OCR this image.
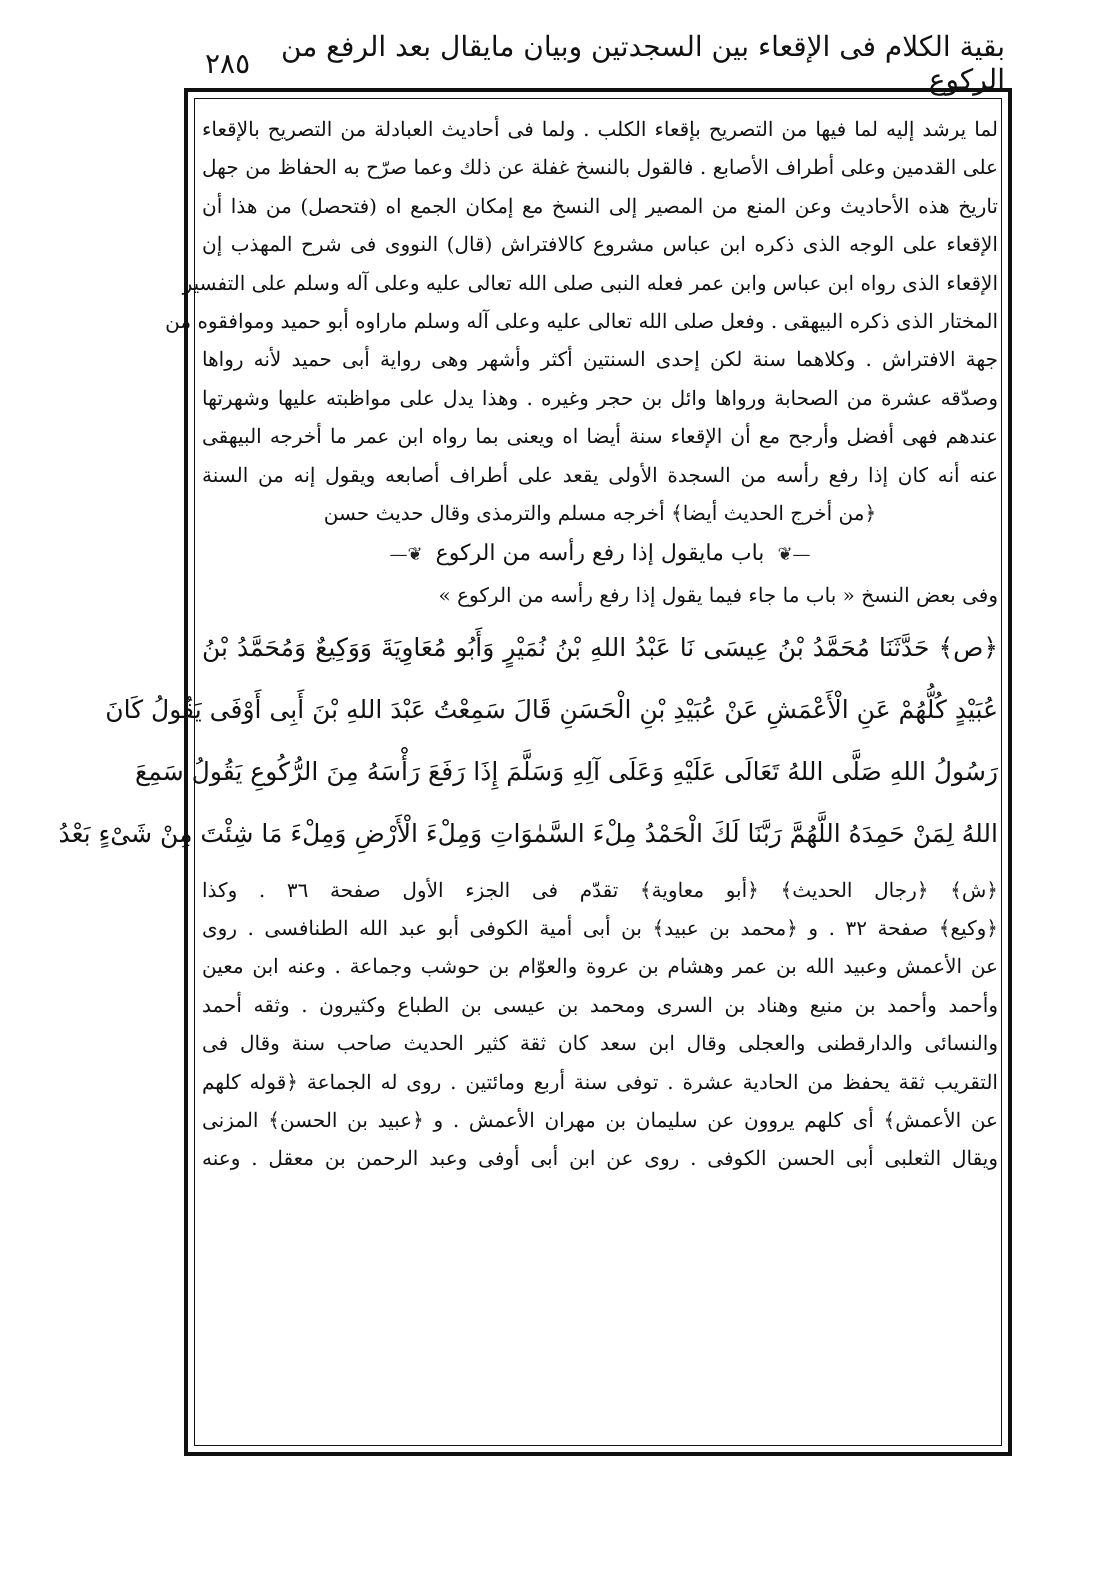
بقية الكلام فى الإقعاء بين السجدتين وبيان مايقال بعد الرفع من الركوع
٢٨٥
لما يرشد إليه لما فيها من التصريح بإقعاء الكلب . ولما فى أحاديث العبادلة من التصريح بالإقعاء
على القدمين وعلى أطراف الأصابع . فالقول بالنسخ غفلة عن ذلك وعما صرّح به الحفاظ من جهل
تاريخ هذه الأحاديث وعن المنع من المصير إلى النسخ مع إمكان الجمع اه (فتحصل) من هذا أن
الإقعاء على الوجه الذى ذكره ابن عباس مشروع كالافتراش (قال) النووى فى شرح المهذب إن
الإقعاء الذى رواه ابن عباس وابن عمر فعله النبى صلى الله تعالى عليه وعلى آله وسلم على التفسير
المختار الذى ذكره البيهقى . وفعل صلى الله تعالى عليه وعلى آله وسلم ماراوه أبو حميد وموافقوه من
جهة الافتراش . وكلاهما سنة لكن إحدى السنتين أكثر وأشهر وهى رواية أبى حميد لأنه رواها
وصدّقه عشرة من الصحابة ورواها وائل بن حجر وغيره . وهذا يدل على مواظبته عليها وشهرتها
عندهم فهى أفضل وأرجح مع أن الإقعاء سنة أيضا اه ويعنى بما رواه ابن عمر ما أخرجه البيهقى
عنه أنه كان إذا رفع رأسه من السجدة الأولى يقعد على أطراف أصابعه ويقول إنه من السنة
﴿من أخرج الحديث أيضا﴾ أخرجه مسلم والترمذى وقال حديث حسن
—❦ باب مايقول إذا رفع رأسه من الركوع ❦—
وفى بعض النسخ « باب ما جاء فيما يقول إذا رفع رأسه من الركوع »
﴿ص﴾ حَدَّثَنَا مُحَمَّدُ بْنُ عِيسَى نَا عَبْدُ اللهِ بْنُ نُمَيْرٍ وَأَبُو مُعَاوِيَةَ وَوَكِيعٌ وَمُحَمَّدُ بْنُ
عُبَيْدٍ كُلُّهُمْ عَنِ الْأَعْمَشِ عَنْ عُبَيْدِ بْنِ الْحَسَنِ قَالَ سَمِعْتُ عَبْدَ اللهِ بْنَ أَبِى أَوْفَى يَقُولُ كَانَ
رَسُولُ اللهِ صَلَّى اللهُ تَعَالَى عَلَيْهِ وَعَلَى آلِهِ وَسَلَّمَ إِذَا رَفَعَ رَأْسَهُ مِنَ الرُّكُوعِ يَقُولُ سَمِعَ
اللهُ لِمَنْ حَمِدَهُ اللَّهُمَّ رَبَّنَا لَكَ الْحَمْدُ مِلْءَ السَّمٰوَاتِ وَمِلْءَ الْأَرْضِ وَمِلْءَ مَا شِئْتَ مِنْ شَىْءٍ بَعْدُ
﴿ش﴾ ﴿رجال الحديث﴾ ﴿أبو معاوية﴾ تقدّم فى الجزء الأول صفحة ٣٦ . وكذا
﴿وكيع﴾ صفحة ٣٢ . و ﴿محمد بن عبيد﴾ بن أبى أمية الكوفى أبو عبد الله الطنافسى . روى
عن الأعمش وعبيد الله بن عمر وهشام بن عروة والعوّام بن حوشب وجماعة . وعنه ابن معين
وأحمد وأحمد بن منيع وهناد بن السرى ومحمد بن عيسى بن الطباع وكثيرون . وثقه أحمد
والنسائى والدارقطنى والعجلى وقال ابن سعد كان ثقة كثير الحديث صاحب سنة وقال فى
التقريب ثقة يحفظ من الحادية عشرة . توفى سنة أربع ومائتين . روى له الجماعة ﴿قوله كلهم
عن الأعمش﴾ أى كلهم يروون عن سليمان بن مهران الأعمش . و ﴿عبيد بن الحسن﴾ المزنى
ويقال الثعلبى أبى الحسن الكوفى . روى عن ابن أبى أوفى وعبد الرحمن بن معقل . وعنه
